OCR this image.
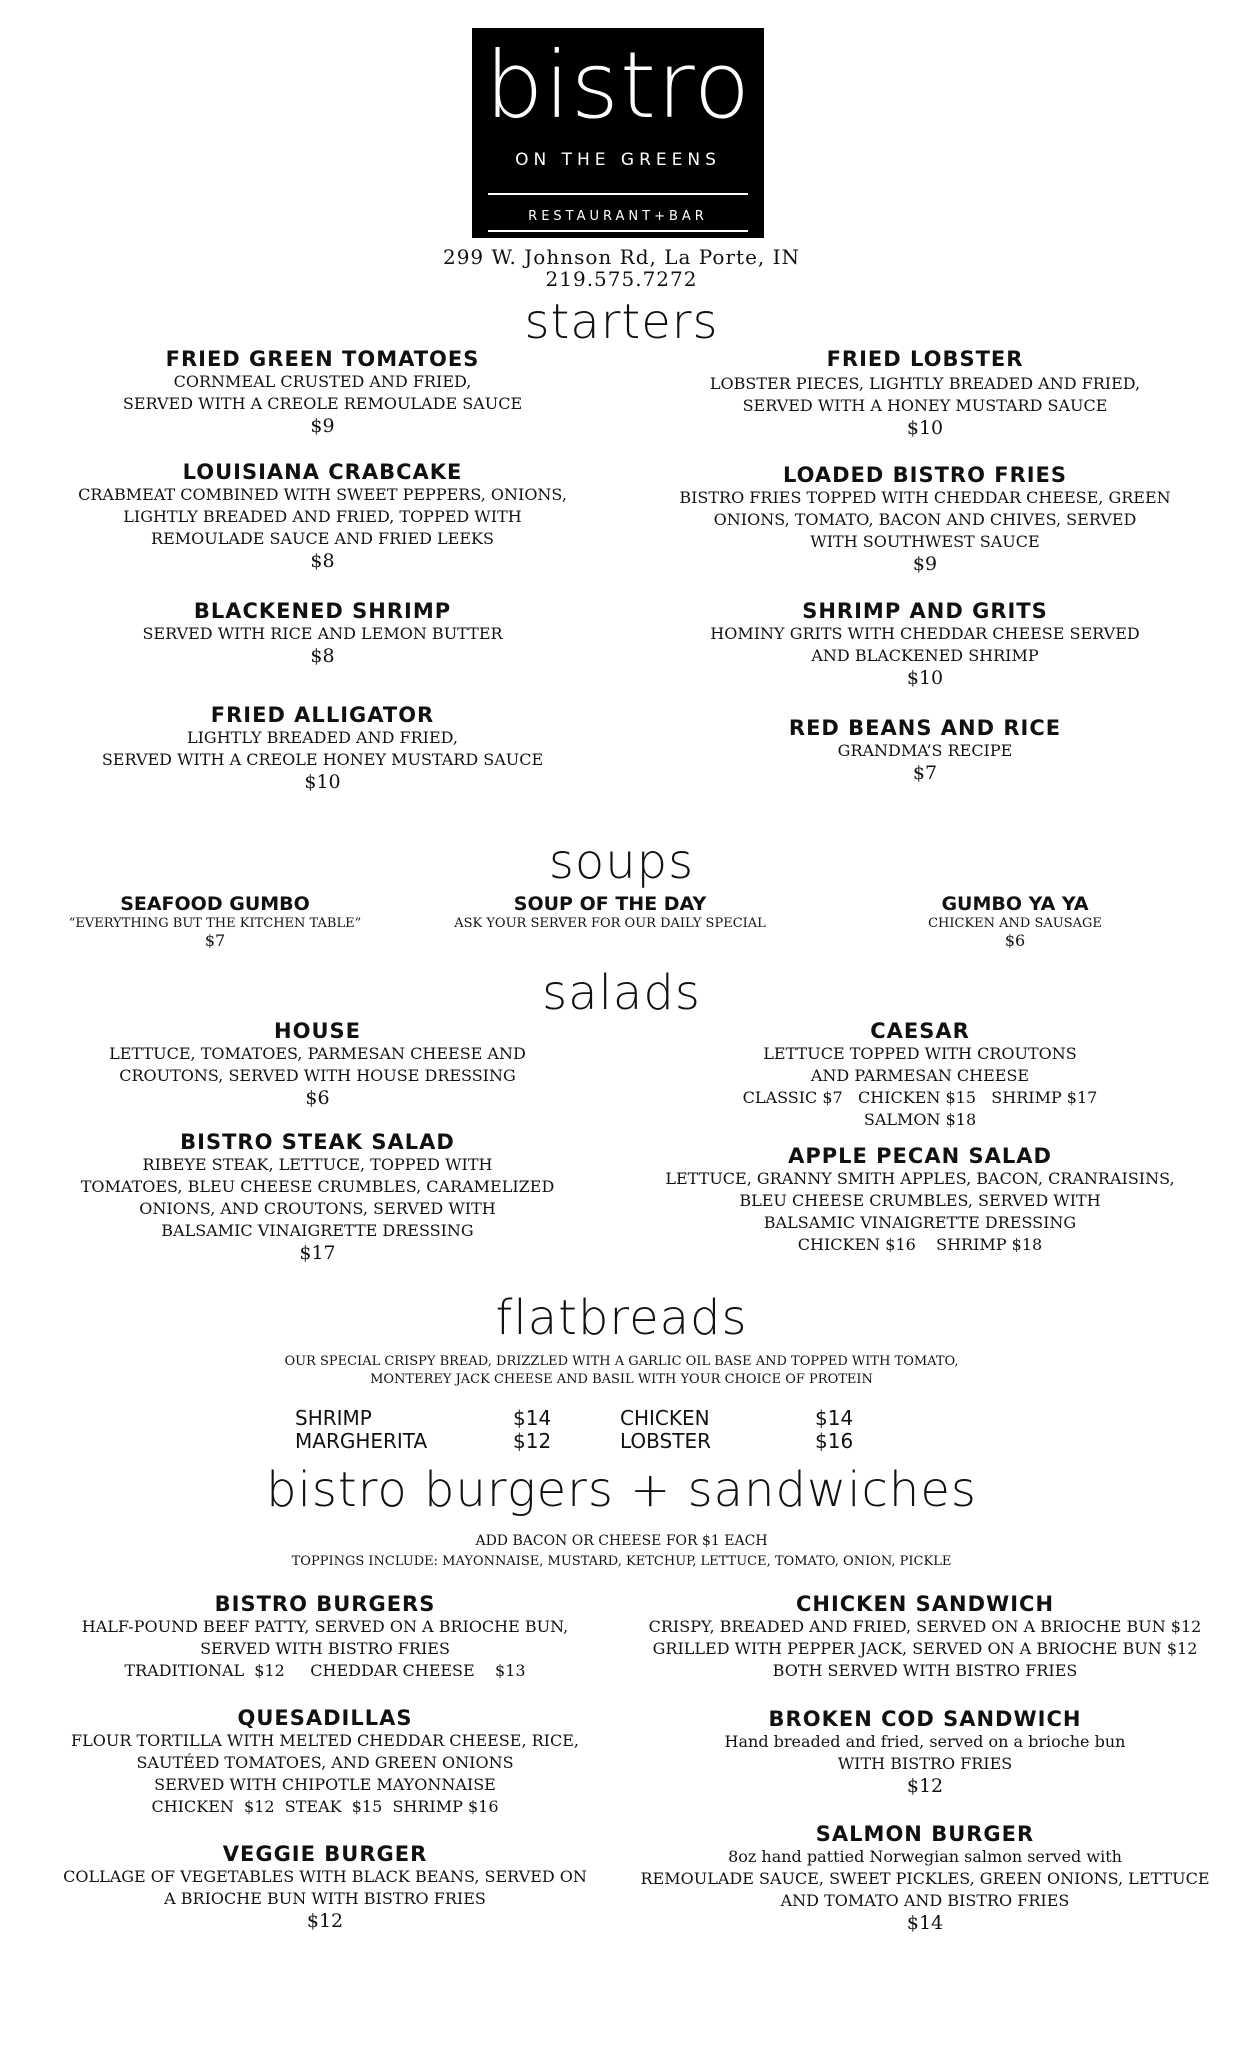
bistro
ON THE GREENS
RESTAURANT+BAR
299 W. Johnson Rd, La Porte, IN
219.575.7272
starters
FRIED GREEN TOMATOES
CORNMEAL CRUSTED AND FRIED,
SERVED WITH A CREOLE REMOULADE SAUCE
$9
LOUISIANA CRABCAKE
CRABMEAT COMBINED WITH SWEET PEPPERS, ONIONS,
LIGHTLY BREADED AND FRIED, TOPPED WITH
REMOULADE SAUCE AND FRIED LEEKS
$8
BLACKENED SHRIMP
SERVED WITH RICE AND LEMON BUTTER
$8
FRIED ALLIGATOR
LIGHTLY BREADED AND FRIED,
SERVED WITH A CREOLE HONEY MUSTARD SAUCE
$10
FRIED LOBSTER
LOBSTER PIECES, LIGHTLY BREADED AND FRIED,
SERVED WITH A HONEY MUSTARD SAUCE
$10
LOADED BISTRO FRIES
BISTRO FRIES TOPPED WITH CHEDDAR CHEESE, GREEN
ONIONS, TOMATO, BACON AND CHIVES, SERVED
WITH SOUTHWEST SAUCE
$9
SHRIMP AND GRITS
HOMINY GRITS WITH CHEDDAR CHEESE SERVED
AND BLACKENED SHRIMP
$10
RED BEANS AND RICE
GRANDMA’S RECIPE
$7
soups
SEAFOOD GUMBO
“EVERYTHING BUT THE KITCHEN TABLE”
$7
SOUP OF THE DAY
ASK YOUR SERVER FOR OUR DAILY SPECIAL
GUMBO YA YA
CHICKEN AND SAUSAGE
$6
salads
HOUSE
LETTUCE, TOMATOES, PARMESAN CHEESE AND
CROUTONS, SERVED WITH HOUSE DRESSING
$6
BISTRO STEAK SALAD
RIBEYE STEAK, LETTUCE, TOPPED WITH
TOMATOES, BLEU CHEESE CRUMBLES, CARAMELIZED
ONIONS, AND CROUTONS, SERVED WITH
BALSAMIC VINAIGRETTE DRESSING
$17
CAESAR
LETTUCE TOPPED WITH CROUTONS
AND PARMESAN CHEESE
CLASSIC $7 CHICKEN $15 SHRIMP $17
SALMON $18
APPLE PECAN SALAD
LETTUCE, GRANNY SMITH APPLES, BACON, CRANRAISINS,
BLEU CHEESE CRUMBLES, SERVED WITH
BALSAMIC VINAIGRETTE DRESSING
CHICKEN $16 SHRIMP $18
flatbreads
OUR SPECIAL CRISPY BREAD, DRIZZLED WITH A GARLIC OIL BASE AND TOPPED WITH TOMATO,
MONTEREY JACK CHEESE AND BASIL WITH YOUR CHOICE OF PROTEIN
SHRIMP	$14	CHICKEN	$14
MARGHERITA	$12	LOBSTER	$16
bistro burgers + sandwiches
ADD BACON OR CHEESE FOR $1 EACH
TOPPINGS INCLUDE: MAYONNAISE, MUSTARD, KETCHUP, LETTUCE, TOMATO, ONION, PICKLE
BISTRO BURGERS
HALF-POUND BEEF PATTY, SERVED ON A BRIOCHE BUN,
SERVED WITH BISTRO FRIES
TRADITIONAL  $12     CHEDDAR CHEESE    $13
QUESADILLAS
FLOUR TORTILLA WITH MELTED CHEDDAR CHEESE, RICE,
SAUTÉED TOMATOES, AND GREEN ONIONS
SERVED WITH CHIPOTLE MAYONNAISE
CHICKEN  $12  STEAK  $15  SHRIMP $16
VEGGIE BURGER
COLLAGE OF VEGETABLES WITH BLACK BEANS, SERVED ON
A BRIOCHE BUN WITH BISTRO FRIES
$12
CHICKEN SANDWICH
CRISPY, BREADED AND FRIED, SERVED ON A BRIOCHE BUN $12
GRILLED WITH PEPPER JACK, SERVED ON A BRIOCHE BUN $12
BOTH SERVED WITH BISTRO FRIES
BROKEN COD SANDWICH
Hand breaded and fried, served on a brioche bun
WITH BISTRO FRIES
$12
SALMON BURGER
8oz hand pattied Norwegian salmon served with
REMOULADE SAUCE, SWEET PICKLES, GREEN ONIONS, LETTUCE
AND TOMATO AND BISTRO FRIES
$14
